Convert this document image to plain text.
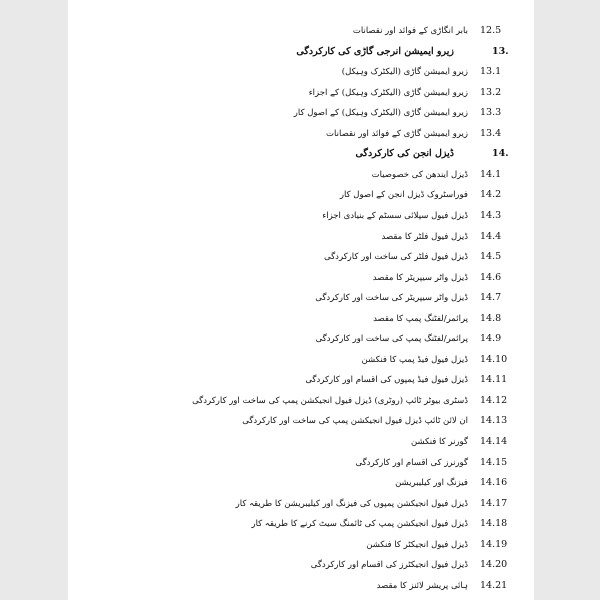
12.5
بابر انگاڑی کے فوائد اور نقصانات
13.
زیرو ایمیشن انرجی گاڑی کی کارکردگی
13.1
زیرو ایمیشن گاڑی (الیکٹرک وہیکل)
13.2
زیرو ایمیشن گاڑی (الیکٹرک وہیکل) کے اجزاء
13.3
زیرو ایمیشن گاڑی (الیکٹرک وہیکل) کے اصول کار
13.4
زیرو ایمیشن گاڑی کے فوائد اور نقصانات
14.
ڈیزل انجن کی کارکردگی
14.1
ڈیزل ایندھن کی خصوصیات
14.2
فوراسٹروک ڈیزل انجن کے اصول کار
14.3
ڈیزل فیول سپلائی سسٹم کے بنیادی اجزاء
14.4
ڈیزل فیول فلٹر کا مقصد
14.5
ڈیزل فیول فلٹر کی ساخت اور کارکردگی
14.6
ڈیزل واٹر سیپریٹر کا مقصد
14.7
ڈیزل واٹر سیپریٹر کی ساخت اور کارکردگی
14.8
پرائمر/لفٹنگ پمپ کا مقصد
14.9
پرائمر/لفٹنگ پمپ کی ساخت اور کارکردگی
14.10
ڈیزل فیول فیڈ پمپ کا فنکشن
14.11
ڈیزل فیول فیڈ پمپوں کی اقسام اور کارکردگی
14.12
ڈسٹری بیوٹر ٹائپ (روٹری) ڈیزل فیول انجیکشن پمپ کی ساخت اور کارکردگی
14.13
ان لائن ٹائپ ڈیزل فیول انجیکشن پمپ کی ساخت اور کارکردگی
14.14
گورنر کا فنکشن
14.15
گورنرز کی اقسام اور کارکردگی
14.16
فیزنگ اور کیلیبریشن
14.17
ڈیزل فیول انجیکشن پمپوں کی فیزنگ اور کیلیبریشن کا طریقہ کار
14.18
ڈیزل فیول انجیکشن پمپ کی ٹائمنگ سیٹ کرنے کا طریقہ کار
14.19
ڈیزل فیول انجیکٹر کا فنکشن
14.20
ڈیزل فیول انجیکٹرز کی اقسام اور کارکردگی
14.21
ہائی پریشر لائنز کا مقصد
